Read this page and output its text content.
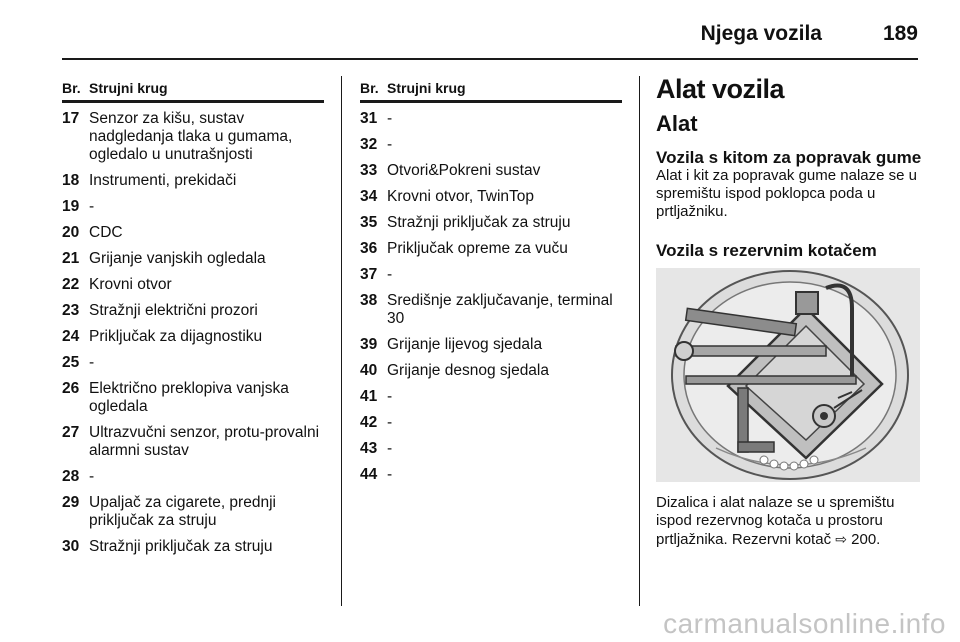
Njega vozila	189
Br. Strujni krug
17 Senzor za kišu, sustav nadgledanja tlaka u gumama, ogledalo u unutrašnjosti
18 Instrumenti, prekidači
19 -
20 CDC
21 Grijanje vanjskih ogledala
22 Krovni otvor
23 Stražnji električni prozori
24 Priključak za dijagnostiku
25 -
26 Električno preklopiva vanjska ogledala
27 Ultrazvučni senzor, protu-provalni alarmni sustav
28 -
29 Upaljač za cigarete, prednji priključak za struju
30 Stražnji priključak za struju
Br. Strujni krug
31 -
32 -
33 Otvori&Pokreni sustav
34 Krovni otvor, TwinTop
35 Stražnji priključak za struju
36 Priključak opreme za vuču
37 -
38 Središnje zaključavanje, terminal 30
39 Grijanje lijevog sjedala
40 Grijanje desnog sjedala
41 -
42 -
43 -
44 -
Alat vozila
Alat
Vozila s kitom za popravak gume
Alat i kit za popravak gume nalaze se u spremištu ispod poklopca poda u prtljažniku.
Vozila s rezervnim kotačem
Dizalica i alat nalaze se u spremištu ispod rezervnog kotača u prostoru prtljažnika. Rezervni kotač ⇨ 200.
carmanualsonline.info
